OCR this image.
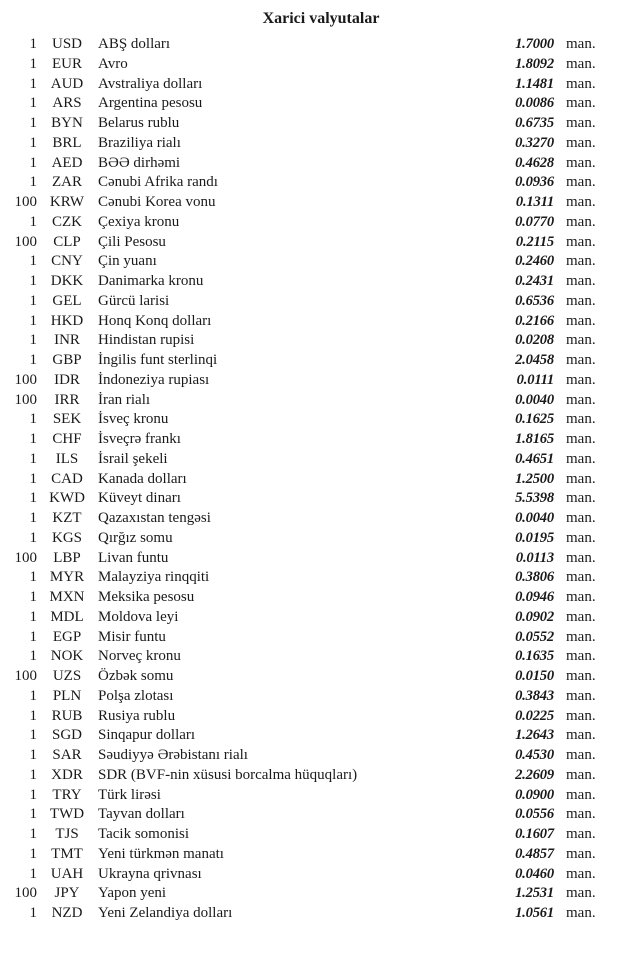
Xarici valyutalar
1 USD	ABŞ dolları	1.7000 man.
1	EUR	Avro	1.8092 man.
1 AUD Avstraliya dolları	1.1481 man.
1	ARS	Argentina pesosu	0.0086 man.
1 BYN	Belarus rublu	0.6735 man.
1	BRL	Braziliya rialı	0.3270 man.
1 AED	BƏƏ dirhəmi	0.4628 man.
1	ZAR	Cənubi Afrika randı	0.0936 man.
100 KRW Cənubi Korea vonu	0.1311 man.
1	CZK	Çexiya kronu	0.0770 man.
100	CLP	Çili Pesosu	0.2115 man.
1 CNY	Çin yuanı	0.2460 man.
1 DKK Danimarka kronu	0.2431 man.
1	GEL	Gürcü larisi	0.6536 man.
1 HKD Honq Konq dolları	0.2166 man.
1	INR	Hindistan rupisi	0.0208 man.
1	GBP	İngilis funt sterlinqi	2.0458 man.
100	IDR	İndoneziya rupiası	0.0111 man.
100	IRR	İran rialı	0.0040 man.
1	SEK	İsveç kronu	0.1625 man.
1	CHF	İsveçrə frankı	1.8165 man.
1	ILS	İsrail şekeli	0.4651 man.
1 CAD	Kanada dolları	1.2500 man.
1 KWD Küveyt dinarı	5.5398 man.
1	KZT	Qazaxıstan tengəsi	0.0040 man.
1 KGS	Qırğız somu	0.0195 man.
100	LBP	Livan funtu	0.0113 man.
1 MYR Malayziya rinqqiti	0.3806 man.
1 MXN Meksika pesosu	0.0946 man.
1 MDL Moldova leyi	0.0902 man.
1	EGP	Misir funtu	0.0552 man.
1 NOK Norveç kronu	0.1635 man.
100	UZS	Özbək somu	0.0150 man.
1	PLN	Polşa zlotası	0.3843 man.
1 RUB	Rusiya rublu	0.0225 man.
1 SGD	Sinqapur dolları	1.2643 man.
1	SAR	Səudiyyə Ərəbistanı rialı	0.4530 man.
1 XDR	SDR (BVF-nin xüsusi borcalma hüquqları)	2.2609 man.
1	TRY	Türk lirəsi	0.0900 man.
1 TWD Tayvan dolları	0.0556 man.
1	TJS	Tacik somonisi	0.1607 man.
1 TMT	Yeni türkmən manatı	0.4857 man.
1 UAH Ukrayna qrivnası	0.0460 man.
100	JPY	Yapon yeni	1.2531 man.
1 NZD	Yeni Zelandiya dolları	1.0561 man.
